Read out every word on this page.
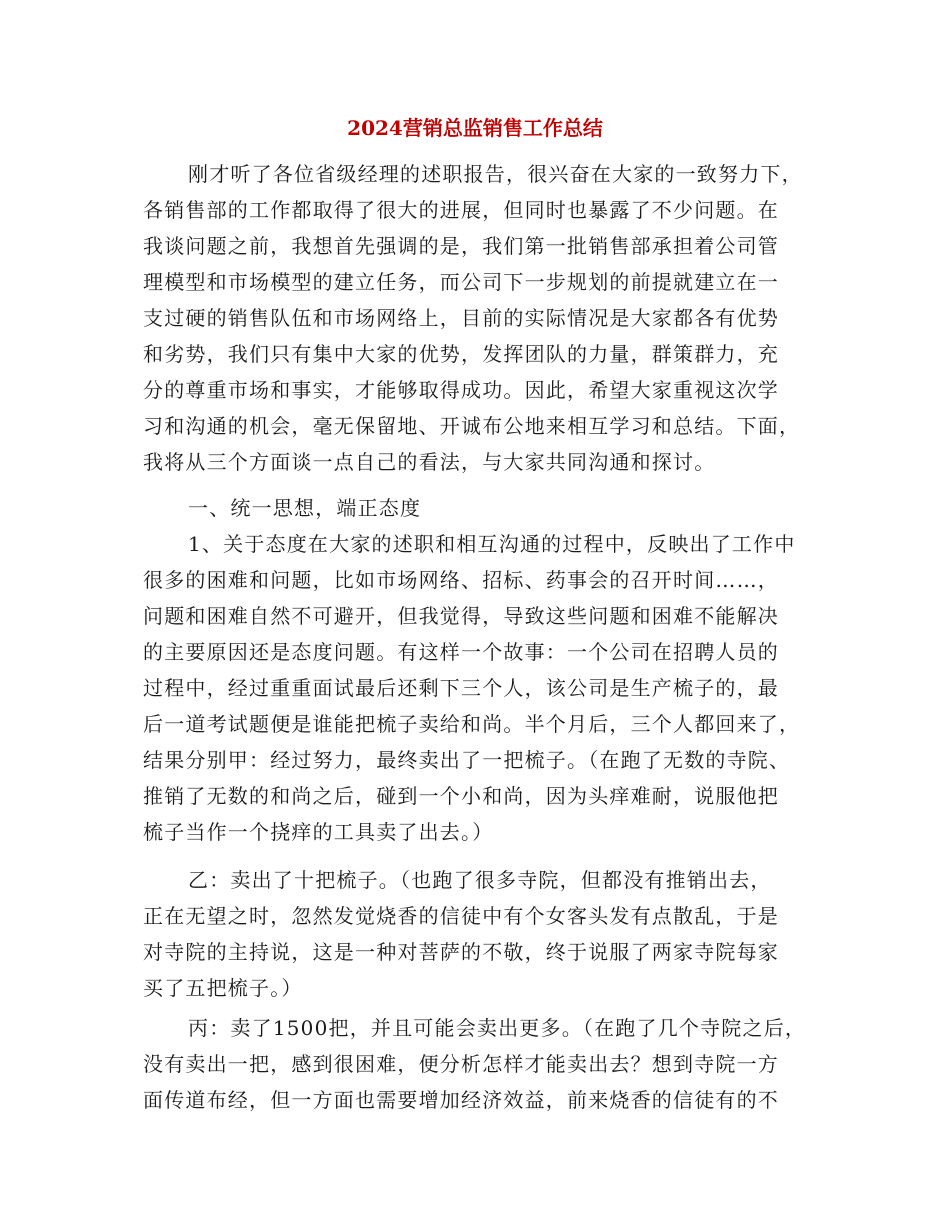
2024营销总监销售工作总结
刚才听了各位省级经理的述职报告，很兴奋在大家的一致努力下，
各销售部的工作都取得了很大的进展，但同时也暴露了不少问题。在
我谈问题之前，我想首先强调的是，我们第一批销售部承担着公司管
理模型和市场模型的建立任务，而公司下一步规划的前提就建立在一
支过硬的销售队伍和市场网络上，目前的实际情况是大家都各有优势
和劣势，我们只有集中大家的优势，发挥团队的力量，群策群力，充
分的尊重市场和事实，才能够取得成功。因此，希望大家重视这次学
习和沟通的机会，毫无保留地、开诚布公地来相互学习和总结。下面，
我将从三个方面谈一点自己的看法，与大家共同沟通和探讨。
一、统一思想，端正态度
1、关于态度在大家的述职和相互沟通的过程中，反映出了工作中
很多的困难和问题，比如市场网络、招标、药事会的召开时间……，
问题和困难自然不可避开，但我觉得，导致这些问题和困难不能解决
的主要原因还是态度问题。有这样一个故事：一个公司在招聘人员的
过程中，经过重重面试最后还剩下三个人，该公司是生产梳子的，最
后一道考试题便是谁能把梳子卖给和尚。半个月后，三个人都回来了，
结果分别甲：经过努力，最终卖出了一把梳子。（在跑了无数的寺院、
推销了无数的和尚之后，碰到一个小和尚，因为头痒难耐，说服他把
梳子当作一个挠痒的工具卖了出去。）
乙：卖出了十把梳子。（也跑了很多寺院，但都没有推销出去，
正在无望之时，忽然发觉烧香的信徒中有个女客头发有点散乱，于是
对寺院的主持说，这是一种对菩萨的不敬，终于说服了两家寺院每家
买了五把梳子。）
丙：卖了1500把，并且可能会卖出更多。（在跑了几个寺院之后，
没有卖出一把，感到很困难，便分析怎样才能卖出去？想到寺院一方
面传道布经，但一方面也需要增加经济效益，前来烧香的信徒有的不
